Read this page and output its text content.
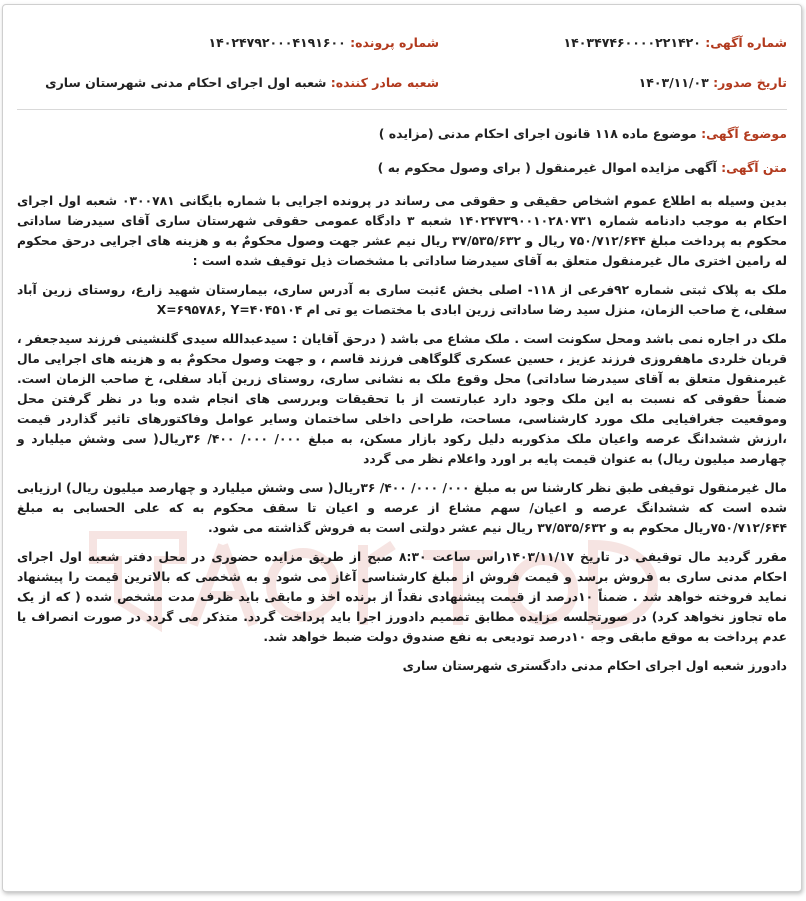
شماره آگهی: ۱۴۰۳۴۷۴۶۰۰۰۰۲۲۱۴۲۰
شماره پرونده: ۱۴۰۲۴۷۹۲۰۰۰۴۱۹۱۶۰۰
تاریخ صدور: ۱۴۰۳/۱۱/۰۳
شعبه صادر کننده: شعبه اول اجرای احکام مدنی شهرستان ساری
موضوع آگهی: موضوع ماده ۱۱۸ قانون اجرای احکام مدنی (مزایده )
متن آگهی: آگهی مزایده اموال غیرمنقول ( برای وصول محکوم به )

بدین وسیله به اطلاع عموم اشخاص حقیقی و حقوقی می رساند در پرونده اجرایی با شماره بایگانی ۰۳۰۰۷۸۱ شعبه اول اجرای احکام به موجب دادنامه شماره ۱۴۰۲۴۷۳۹۰۰۱۰۲۸۰۷۳۱ شعبه ۳ دادگاه عمومی حقوقی شهرستان ساری آقای سیدرضا ساداتی محکوم به پرداخت مبلغ ۷۵۰/۷۱۲/۶۴۴ ریال و ۳۷/۵۳۵/۶۳۲ ریال نیم عشر جهت وصول محکومٌ به و هزینه های اجرایی درحق محکوم له رامین اختری مال غیرمنقول متعلق به آقای سیدرضا ساداتی با مشخصات ذیل توقیف شده است :

ملک به پلاک ثبتی شماره ۹۲فرعی از ۱۱۸- اصلی بخش ٤ثبت ساری به آدرس ساری، بیمارستان شهید زارع، روستای زرین آباد سفلی، خ صاحب الزمان، منزل سید رضا ساداتی زرین ابادی با مختصات یو تی ام X=۶۹۵۷۸۶, Y=۴۰۴۵۱۰۴

ملک در اجاره نمی باشد ومحل سکونت است . ملک مشاع می باشد ( درحق آقایان : سیدعبدالله سیدی گلنشینی فرزند سیدجعفر ، قربان خلردی ماهفروزی فرزند عزیز ، حسین عسکری گلوگاهی فرزند قاسم ، و جهت وصول محکومٌ به و هزینه های اجرایی مال غیرمنقول متعلق به آقای سیدرضا ساداتی) محل وقوع ملک به نشانی ساری، روستای زرین آباد سفلی، خ صاحب الزمان است. ضمناً حقوقی که نسبت به این ملک وجود دارد عبارتست از با تحقیقات وبررسی های انجام شده وبا در نظر گرفتن محل وموقعیت جغرافیایی ملک مورد کارشناسی، مساحت، طراحی داخلی ساختمان وسایر عوامل وفاکتورهای تاثیر گذاردر قیمت ،ارزش ششدانگ عرصه واعیان ملک مذکوربه دلیل رکود بازار مسکن، به مبلغ ۰۰۰/ ۰۰۰/ ۴۰۰/ ۳۶ریال( سی وشش میلیارد و چهارصد میلیون ریال) به عنوان قیمت پایه بر اورد واعلام نظر می گردد

مال غیرمنقول توقیفی طبق نظر کارشنا س به مبلغ ۰۰۰/ ۰۰۰/ ۴۰۰/ ۳۶ریال( سی وشش میلیارد و چهارصد میلیون ریال) ارزیابی شده است که ششدانگ عرصه و اعیان/ سهم مشاع از عرصه و اعیان تا سقف محکوم به که علی الحسابی به مبلغ ۷۵۰/۷۱۲/۶۴۴ریال محکوم به و ۳۷/۵۳۵/۶۳۲ ریال نیم عشر دولتی است به فروش گذاشته می شود.

مقرر گردید مال توقیفی در تاریخ ۱۴۰۳/۱۱/۱۷راس ساعت ۸:۳۰ صبح از طریق مزایده حضوری در محل دفتر شعبه اول اجرای احکام مدنی ساری به فروش برسد و قیمت فروش از مبلغ کارشناسی آغاز می شود و به شخصی که بالاترین قیمت را پیشنهاد نماید فروخته خواهد شد . ضمناً ۱۰درصد از قیمت پیشنهادی نقداً از برنده اخذ و مابقی باید ظرف مدت مشخص شده ( که از یک ماه تجاوز نخواهد کرد) در صورتجلسه مزایده مطابق تصمیم دادورز اجرا باید پرداخت گردد. متذکر می گردد در صورت انصراف یا عدم پرداخت به موقع مابقی وجه ۱۰درصد تودیعی به نفع صندوق دولت ضبط خواهد شد.

دادورز شعبه اول اجرای احکام مدنی دادگستری شهرستان ساری
